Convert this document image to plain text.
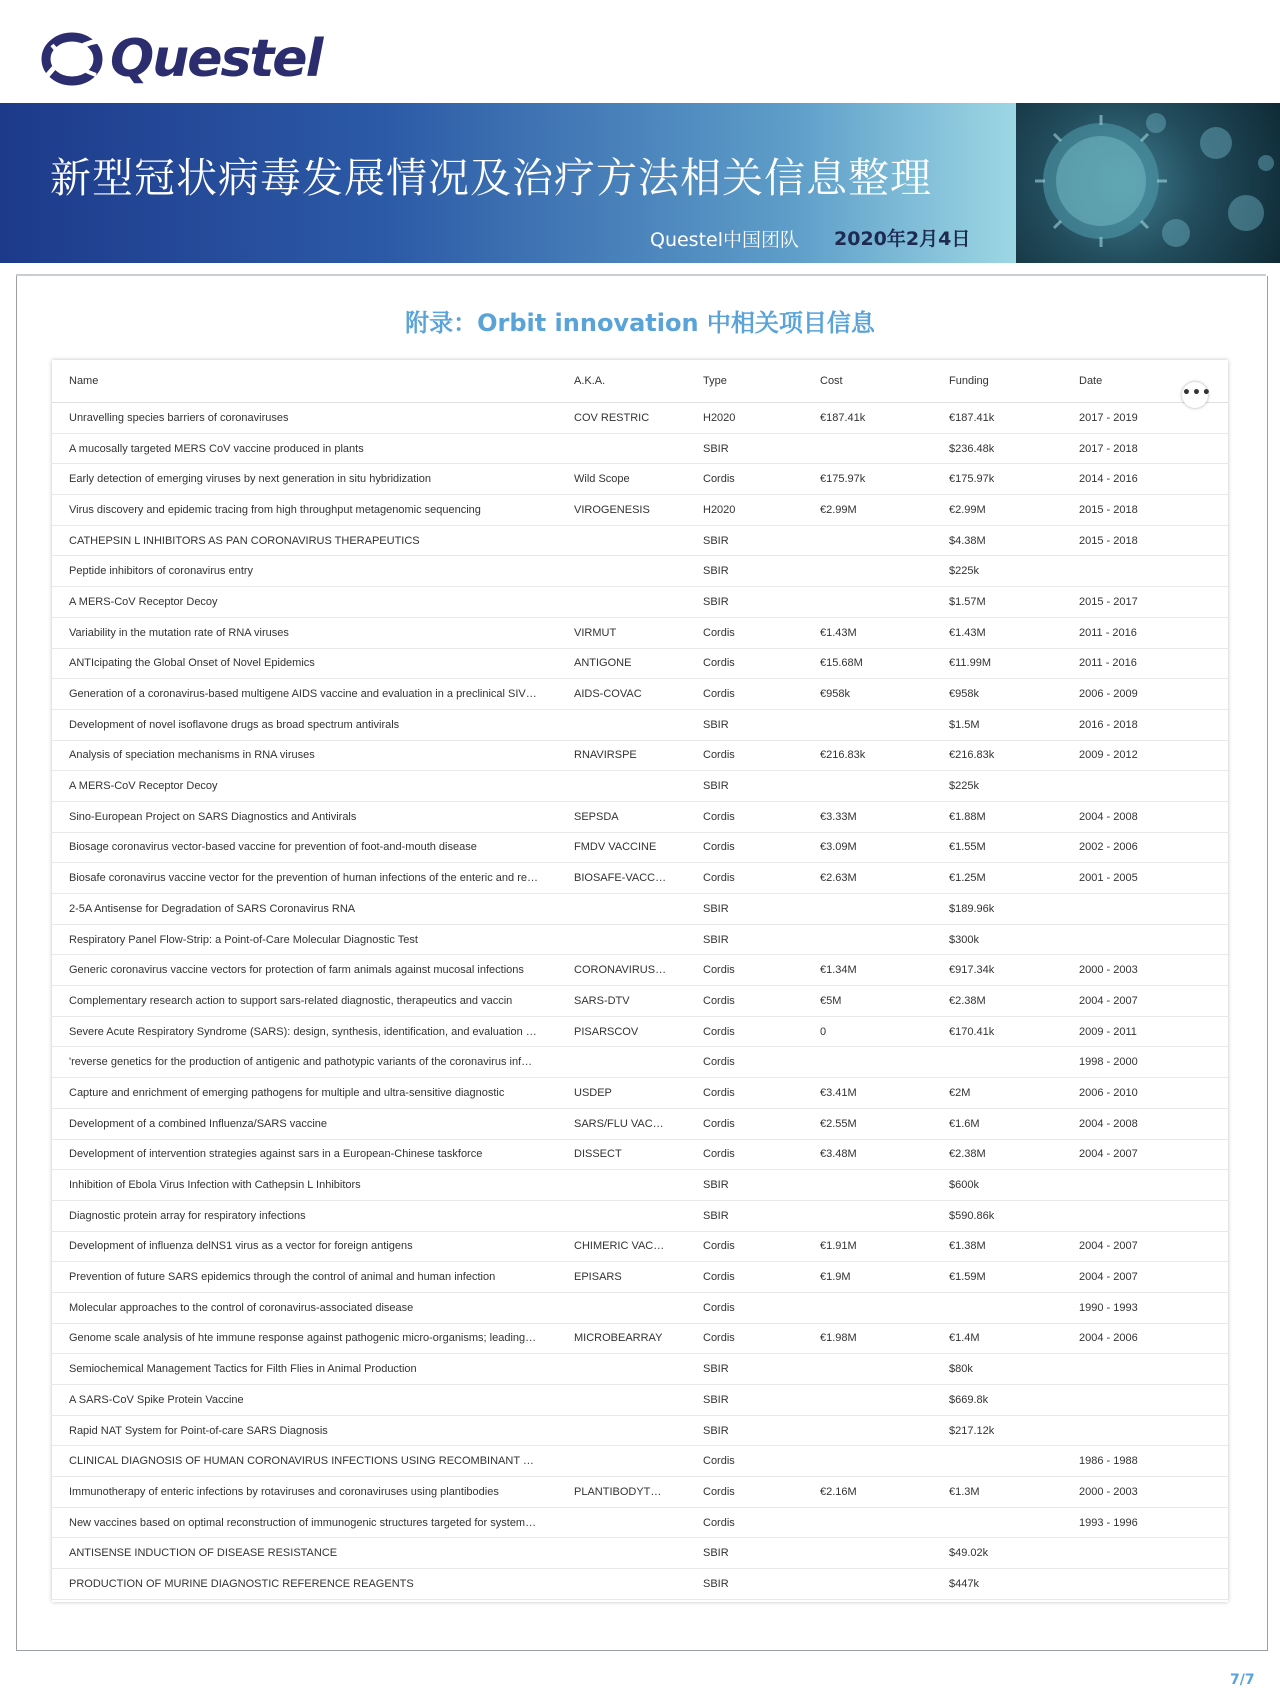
Questel
新型冠状病毒发展情况及治疗方法相关信息整理
Questel中国团队 2020年2月4日
附录：Orbit innovation 中相关项目信息
•••
Name	A.K.A.	Type	Cost	Funding	Date
Unravelling species barriers of coronaviruses	COV RESTRIC	H2020	€187.41k	€187.41k	2017 - 2019
A mucosally targeted MERS CoV vaccine produced in plants		SBIR		$236.48k	2017 - 2018
Early detection of emerging viruses by next generation in situ hybridization	Wild Scope	Cordis	€175.97k	€175.97k	2014 - 2016
Virus discovery and epidemic tracing from high throughput metagenomic sequencing	VIROGENESIS	H2020	€2.99M	€2.99M	2015 - 2018
CATHEPSIN L INHIBITORS AS PAN CORONAVIRUS THERAPEUTICS		SBIR		$4.38M	2015 - 2018
Peptide inhibitors of coronavirus entry		SBIR		$225k	
A MERS-CoV Receptor Decoy		SBIR		$1.57M	2015 - 2017
Variability in the mutation rate of RNA viruses	VIRMUT	Cordis	€1.43M	€1.43M	2011 - 2016
ANTIcipating the Global Onset of Novel Epidemics	ANTIGONE	Cordis	€15.68M	€11.99M	2011 - 2016
Generation of a coronavirus-based multigene AIDS vaccine and evaluation in a preclinical SIV…	AIDS-COVAC	Cordis	€958k	€958k	2006 - 2009
Development of novel isoflavone drugs as broad spectrum antivirals		SBIR		$1.5M	2016 - 2018
Analysis of speciation mechanisms in RNA viruses	RNAVIRSPE	Cordis	€216.83k	€216.83k	2009 - 2012
A MERS-CoV Receptor Decoy		SBIR		$225k	
Sino-European Project on SARS Diagnostics and Antivirals	SEPSDA	Cordis	€3.33M	€1.88M	2004 - 2008
Biosage coronavirus vector-based vaccine for prevention of foot-and-mouth disease	FMDV VACCINE	Cordis	€3.09M	€1.55M	2002 - 2006
Biosafe coronavirus vaccine vector for the prevention of human infections of the enteric and re…	BIOSAFE-VACC…	Cordis	€2.63M	€1.25M	2001 - 2005
2-5A Antisense for Degradation of SARS Coronavirus RNA		SBIR		$189.96k	
Respiratory Panel Flow-Strip: a Point-of-Care Molecular Diagnostic Test		SBIR		$300k	
Generic coronavirus vaccine vectors for protection of farm animals against mucosal infections	CORONAVIRUS…	Cordis	€1.34M	€917.34k	2000 - 2003
Complementary research action to support sars-related diagnostic, therapeutics and vaccin	SARS-DTV	Cordis	€5M	€2.38M	2004 - 2007
Severe Acute Respiratory Syndrome (SARS): design, synthesis, identification, and evaluation …	PISARSCOV	Cordis	0	€170.41k	2009 - 2011
'reverse genetics for the production of antigenic and pathotypic variants of the coronavirus inf…		Cordis			1998 - 2000
Capture and enrichment of emerging pathogens for multiple and ultra-sensitive diagnostic	USDEP	Cordis	€3.41M	€2M	2006 - 2010
Development of a combined Influenza/SARS vaccine	SARS/FLU VAC…	Cordis	€2.55M	€1.6M	2004 - 2008
Development of intervention strategies against sars in a European-Chinese taskforce	DISSECT	Cordis	€3.48M	€2.38M	2004 - 2007
Inhibition of Ebola Virus Infection with Cathepsin L Inhibitors		SBIR		$600k	
Diagnostic protein array for respiratory infections		SBIR		$590.86k	
Development of influenza delNS1 virus as a vector for foreign antigens	CHIMERIC VAC…	Cordis	€1.91M	€1.38M	2004 - 2007
Prevention of future SARS epidemics through the control of animal and human infection	EPISARS	Cordis	€1.9M	€1.59M	2004 - 2007
Molecular approaches to the control of coronavirus-associated disease		Cordis			1990 - 1993
Genome scale analysis of hte immune response against pathogenic micro-organisms; leading…	MICROBEARRAY	Cordis	€1.98M	€1.4M	2004 - 2006
Semiochemical Management Tactics for Filth Flies in Animal Production		SBIR		$80k	
A SARS-CoV Spike Protein Vaccine		SBIR		$669.8k	
Rapid NAT System for Point-of-care SARS Diagnosis		SBIR		$217.12k	
CLINICAL DIAGNOSIS OF HUMAN CORONAVIRUS INFECTIONS USING RECOMBINANT …		Cordis			1986 - 1988
Immunotherapy of enteric infections by rotaviruses and coronaviruses using plantibodies	PLANTIBODYT…	Cordis	€2.16M	€1.3M	2000 - 2003
New vaccines based on optimal reconstruction of immunogenic structures targeted for system…		Cordis			1993 - 1996
ANTISENSE INDUCTION OF DISEASE RESISTANCE		SBIR		$49.02k	
PRODUCTION OF MURINE DIAGNOSTIC REFERENCE REAGENTS		SBIR		$447k	
7/7
